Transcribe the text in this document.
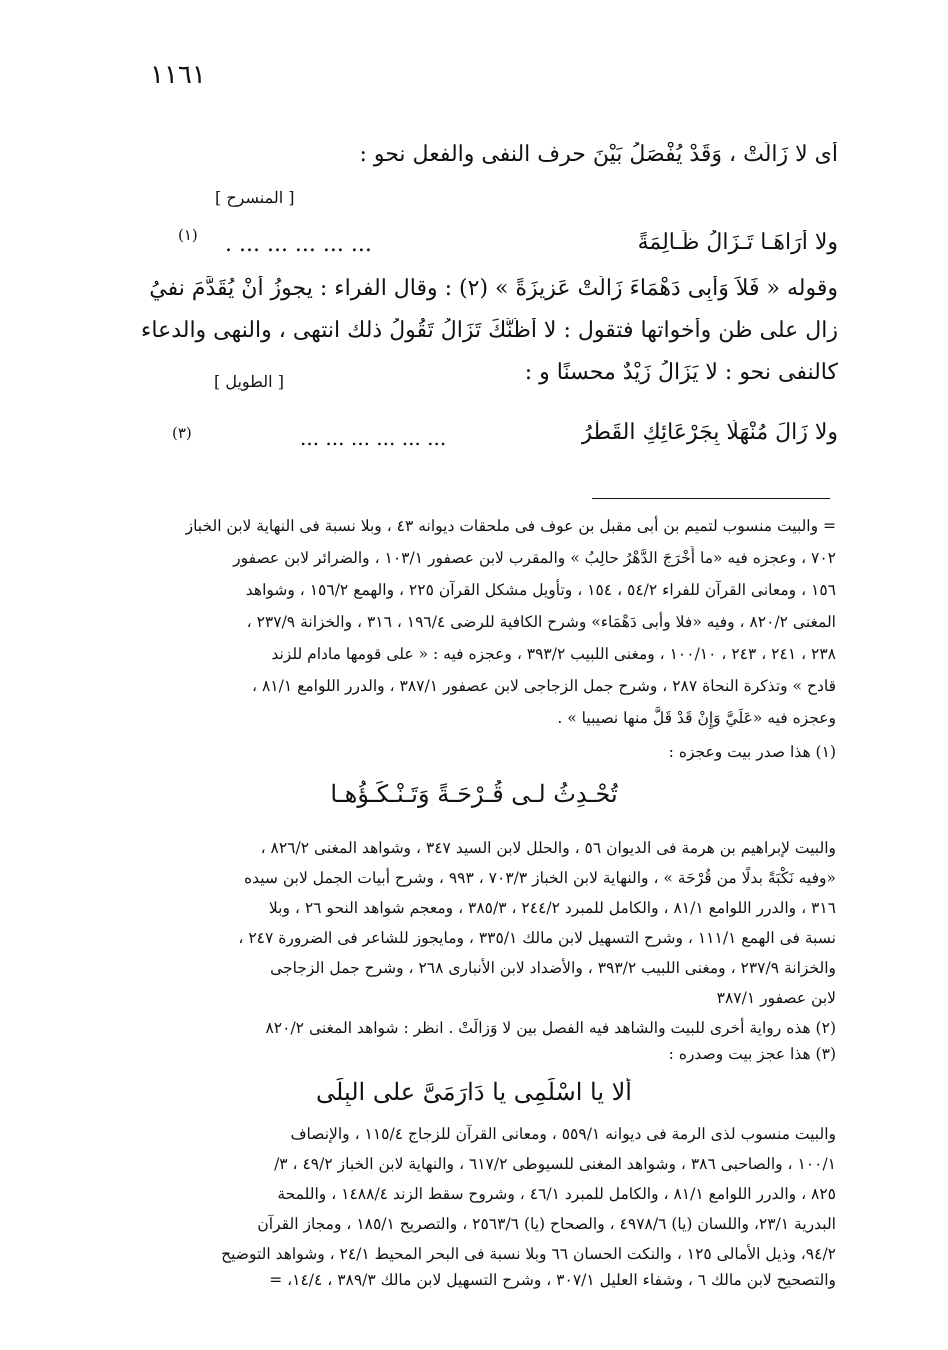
١١٦١
أى لا زَالَتْ ، وَقَدْ يُفْصَلُ بَيْنَ حرف النفى والفعل نحو :
[ المنسرح ]
ولا أَرَاهَـا تَـزَالُ ظَـالِمَةً
... ... ... ... ... .
(١)
وقوله « فَلاَ وَأَبِى دَهْمَاءَ زَالَتْ عَزِيزَةً » (٢) : وقال الفراء : يجوزُ أَنْ يُقَدَّمَ نفيُ
زال على ظن وأخواتها فتقول : لا أَظُنُّكَ تَزَالُ تَقُولُ ذلك انتهى ، والنهى والدعاء
كالنفى نحو : لا يَزَالُ زَيْدٌ محسنًا و :
[ الطويل ]
ولا زَالَ مُنْهَلًّا بِجَرْعَائِكِ القَطْرُ
... ... ... ... ... ...
(٣)
= والبيت منسوب لتميم بن أبى مقبل بن عوف فى ملحقات ديوانه ٤٣ ، وبلا نسبة فى النهاية لابن الخباز
٧٠٢ ، وعجزه فيه «ما أَخْرَجَ الدَّهْرُ حالِبُ » والمقرب لابن عصفور ١٠٣/١ ، والضرائر لابن عصفور
١٥٦ ، ومعانى القرآن للفراء ٥٤/٢ ، ١٥٤ ، وتأويل مشكل القرآن ٢٢٥ ، والهمع ١٥٦/٢ ، وشواهد
المغنى ٨٢٠/٢ ، وفيه «فلا وأبى دَهْمَاء» وشرح الكافية للرضى ١٩٦/٤ ، ٣١٦ ، والخزانة ٢٣٧/٩ ،
٢٣٨ ، ٢٤١ ، ٢٤٣ ، ١٠٠/١٠ ، ومغنى اللبيب ٣٩٣/٢ ، وعجزه فيه : « على قومها مادام للزند
قادح » وتذكرة النحاة ٢٨٧ ، وشرح جمل الزجاجى لابن عصفور ٣٨٧/١ ، والدرر اللوامع ٨١/١ ،
وعجزه فيه «عَلَيَّ وَإِنْ قَدْ قَلَّ منها نصيبيا » .
(١) هذا صدر بيت وعجزه :
تُحْـدِثُ لـى قُـرْحَـةً وَتَـنْـكَـؤُهـا
والبيت لإبراهيم بن هرمة فى الديوان ٥٦ ، والحلل لابن السيد ٣٤٧ ، وشواهد المغنى ٨٢٦/٢ ،
«وفيه نَكْبَةً بدلًا من قُرْحَة » ، والنهاية لابن الخباز ٧٠٣/٣ ، ٩٩٣ ، وشرح أبيات الجمل لابن سيده
٣١٦ ، والدرر اللوامع ٨١/١ ، والكامل للمبرد ٢٤٤/٢ ، ٣٨٥/٣ ، ومعجم شواهد النحو ٢٦ ، وبلا
نسبة فى الهمع ١١١/١ ، وشرح التسهيل لابن مالك ٣٣٥/١ ، ومايجوز للشاعر فى الضرورة ٢٤٧ ،
والخزانة ٢٣٧/٩ ، ومغنى اللبيب ٣٩٣/٢ ، والأضداد لابن الأنبارى ٢٦٨ ، وشرح جمل الزجاجى
لابن عصفور ٣٨٧/١
(٢) هذه رواية أخرى للبيت والشاهد فيه الفصل بين لا وَزالَتْ . انظر : شواهد المغنى ٨٢٠/٢
(٣) هذا عجز بيت وصدره :
ألا يا اسْلَمِى يا دَارَمَىَّ على البِلَى
والبيت منسوب لذى الرمة فى ديوانه ٥٥٩/١ ، ومعانى القرآن للزجاج ١١٥/٤ ، والإنصاف
١٠٠/١ ، والصاحبى ٣٨٦ ، وشواهد المغنى للسيوطى ٦١٧/٢ ، والنهاية لابن الخباز ٤٩/٢ ، ٣/
٨٢٥ ، والدرر اللوامع ٨١/١ ، والكامل للمبرد ٤٦/١ ، وشروح سقط الزند ١٤٨٨/٤ ، واللمحة
البدرية ٢٣/١، واللسان (يا) ٤٩٧٨/٦ ، والصحاح (يا) ٢٥٦٣/٦ ، والتصريح ١٨٥/١ ، ومجاز القرآن
٩٤/٢، وذيل الأمالى ١٢٥ ، والنكت الحسان ٦٦ وبلا نسبة فى البحر المحيط ٢٤/١ ، وشواهد التوضيح
والتصحيح لابن مالك ٦ ، وشفاء العليل ٣٠٧/١ ، وشرح التسهيل لابن مالك ٣٨٩/٣ ، ١٤/٤، =
